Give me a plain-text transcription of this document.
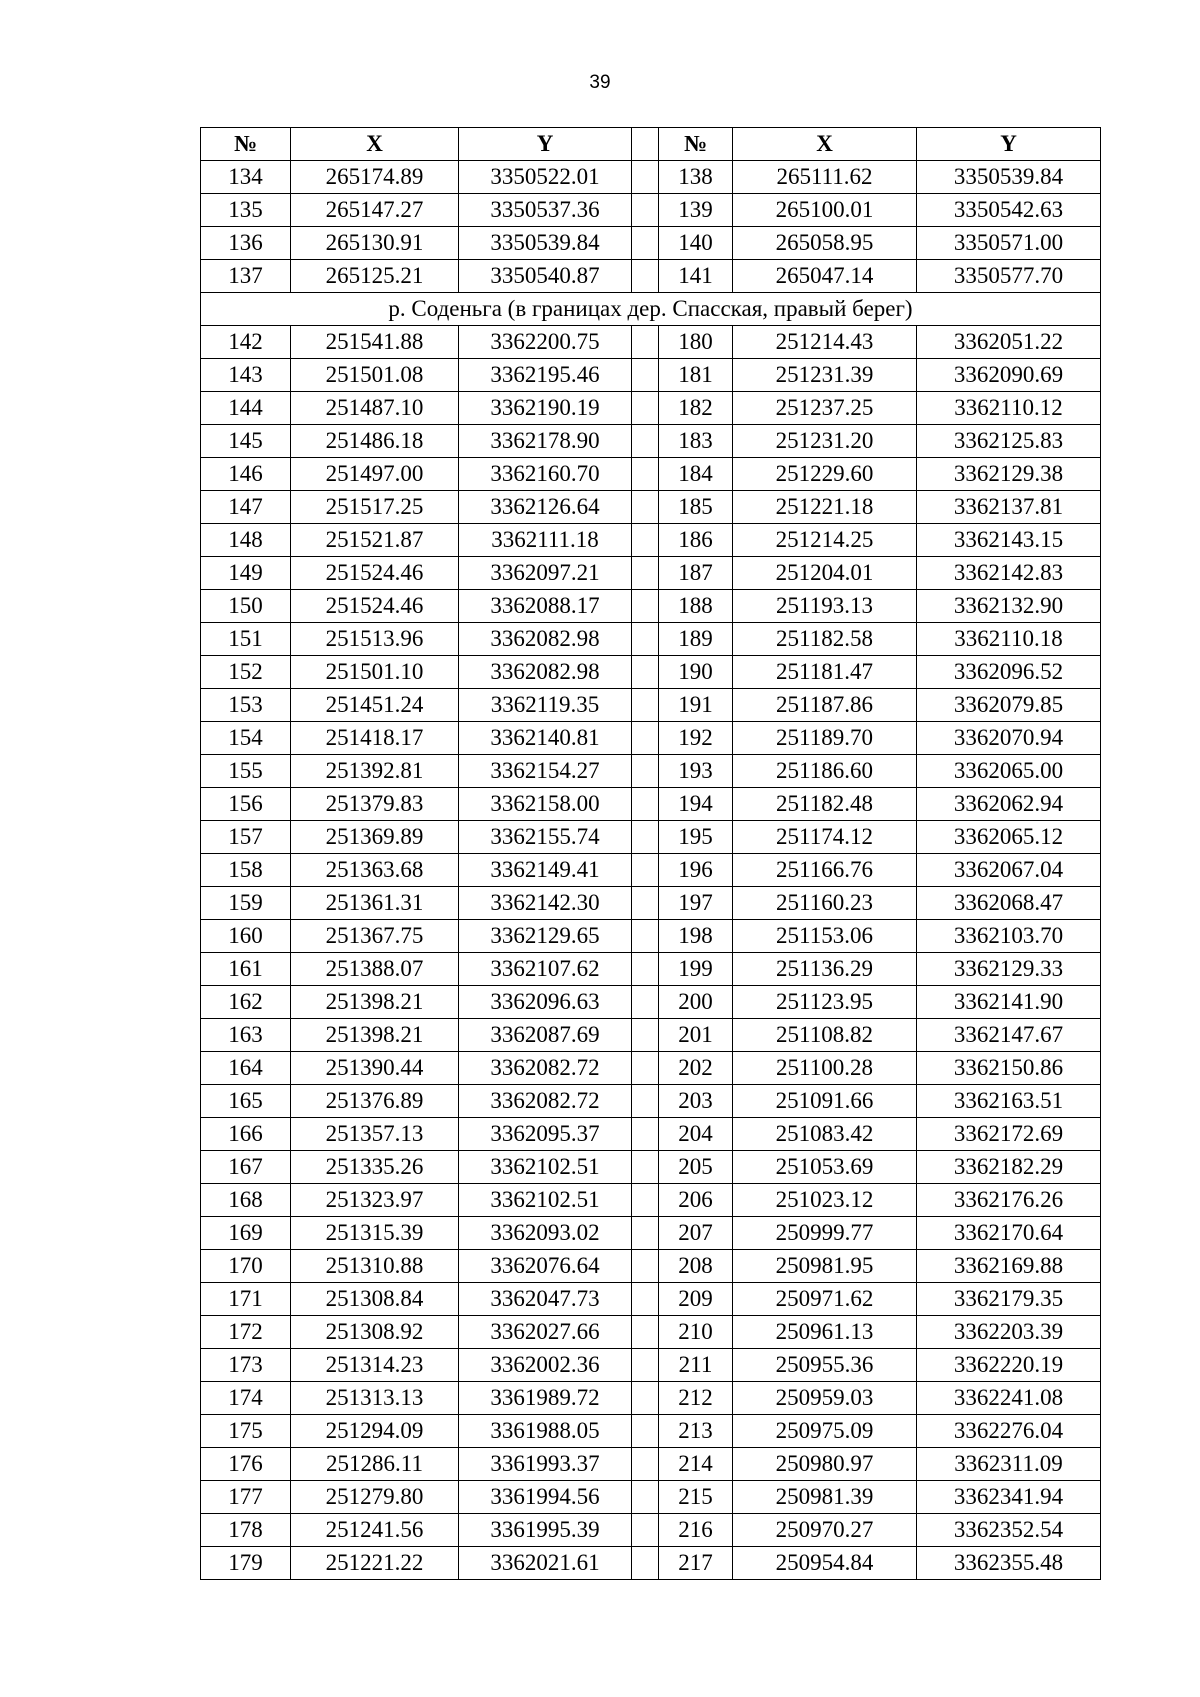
39
№	X	Y		№	X	Y
134	265174.89	3350522.01		138	265111.62	3350539.84
135	265147.27	3350537.36		139	265100.01	3350542.63
136	265130.91	3350539.84		140	265058.95	3350571.00
137	265125.21	3350540.87		141	265047.14	3350577.70
р. Соденьга (в границах дер. Спасская, правый берег)						
142	251541.88	3362200.75		180	251214.43	3362051.22
143	251501.08	3362195.46		181	251231.39	3362090.69
144	251487.10	3362190.19		182	251237.25	3362110.12
145	251486.18	3362178.90		183	251231.20	3362125.83
146	251497.00	3362160.70		184	251229.60	3362129.38
147	251517.25	3362126.64		185	251221.18	3362137.81
148	251521.87	3362111.18		186	251214.25	3362143.15
149	251524.46	3362097.21		187	251204.01	3362142.83
150	251524.46	3362088.17		188	251193.13	3362132.90
151	251513.96	3362082.98		189	251182.58	3362110.18
152	251501.10	3362082.98		190	251181.47	3362096.52
153	251451.24	3362119.35		191	251187.86	3362079.85
154	251418.17	3362140.81		192	251189.70	3362070.94
155	251392.81	3362154.27		193	251186.60	3362065.00
156	251379.83	3362158.00		194	251182.48	3362062.94
157	251369.89	3362155.74		195	251174.12	3362065.12
158	251363.68	3362149.41		196	251166.76	3362067.04
159	251361.31	3362142.30		197	251160.23	3362068.47
160	251367.75	3362129.65		198	251153.06	3362103.70
161	251388.07	3362107.62		199	251136.29	3362129.33
162	251398.21	3362096.63		200	251123.95	3362141.90
163	251398.21	3362087.69		201	251108.82	3362147.67
164	251390.44	3362082.72		202	251100.28	3362150.86
165	251376.89	3362082.72		203	251091.66	3362163.51
166	251357.13	3362095.37		204	251083.42	3362172.69
167	251335.26	3362102.51		205	251053.69	3362182.29
168	251323.97	3362102.51		206	251023.12	3362176.26
169	251315.39	3362093.02		207	250999.77	3362170.64
170	251310.88	3362076.64		208	250981.95	3362169.88
171	251308.84	3362047.73		209	250971.62	3362179.35
172	251308.92	3362027.66		210	250961.13	3362203.39
173	251314.23	3362002.36		211	250955.36	3362220.19
174	251313.13	3361989.72		212	250959.03	3362241.08
175	251294.09	3361988.05		213	250975.09	3362276.04
176	251286.11	3361993.37		214	250980.97	3362311.09
177	251279.80	3361994.56		215	250981.39	3362341.94
178	251241.56	3361995.39		216	250970.27	3362352.54
179	251221.22	3362021.61		217	250954.84	3362355.48
